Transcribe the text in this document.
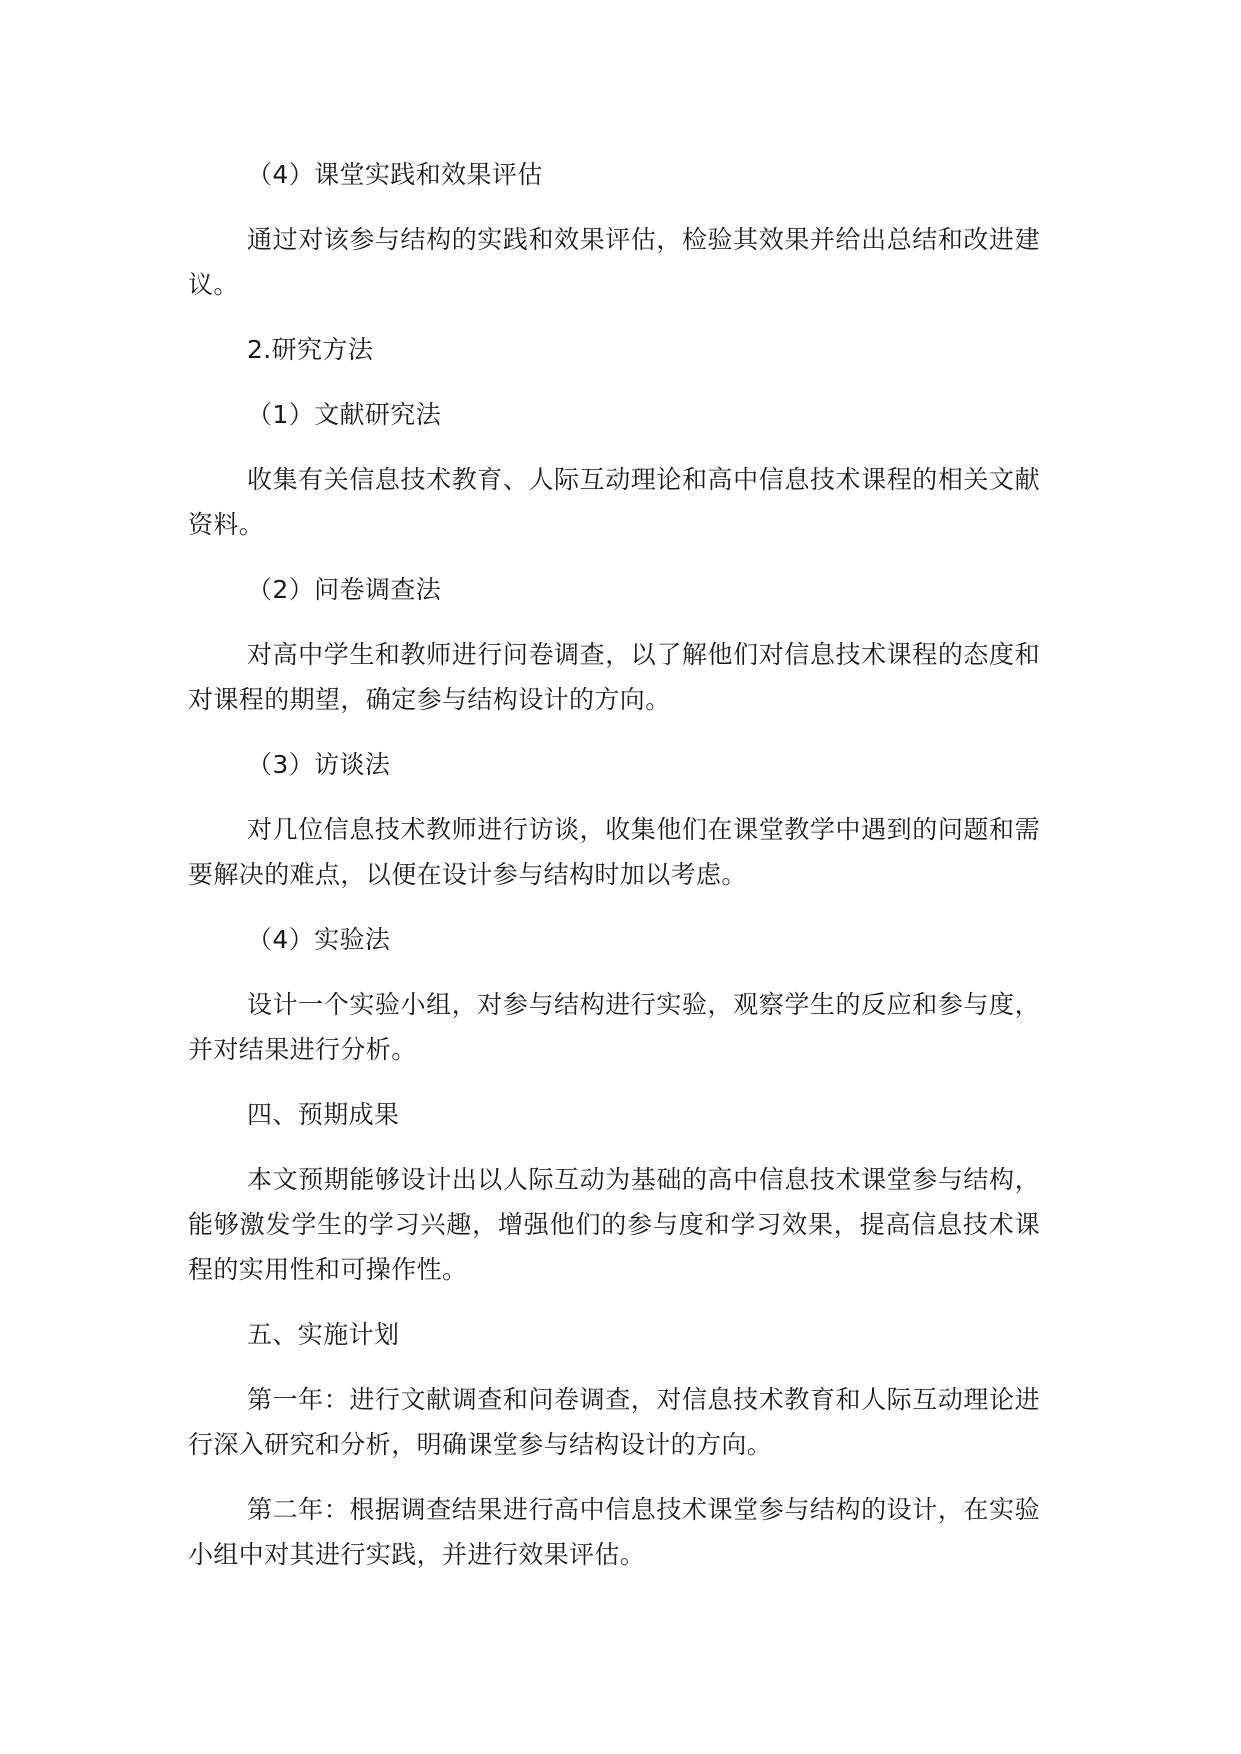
（4）课堂实践和效果评估

通过对该参与结构的实践和效果评估，检验其效果并给出总结和改进建议。

2.研究方法

（1）文献研究法

收集有关信息技术教育、人际互动理论和高中信息技术课程的相关文献资料。

（2）问卷调查法

对高中学生和教师进行问卷调查，以了解他们对信息技术课程的态度和对课程的期望，确定参与结构设计的方向。

（3）访谈法

对几位信息技术教师进行访谈，收集他们在课堂教学中遇到的问题和需要解决的难点，以便在设计参与结构时加以考虑。

（4）实验法

设计一个实验小组，对参与结构进行实验，观察学生的反应和参与度，并对结果进行分析。

四、预期成果

本文预期能够设计出以人际互动为基础的高中信息技术课堂参与结构，能够激发学生的学习兴趣，增强他们的参与度和学习效果，提高信息技术课程的实用性和可操作性。

五、实施计划

第一年：进行文献调查和问卷调查，对信息技术教育和人际互动理论进行深入研究和分析，明确课堂参与结构设计的方向。

第二年：根据调查结果进行高中信息技术课堂参与结构的设计，在实验小组中对其进行实践，并进行效果评估。
